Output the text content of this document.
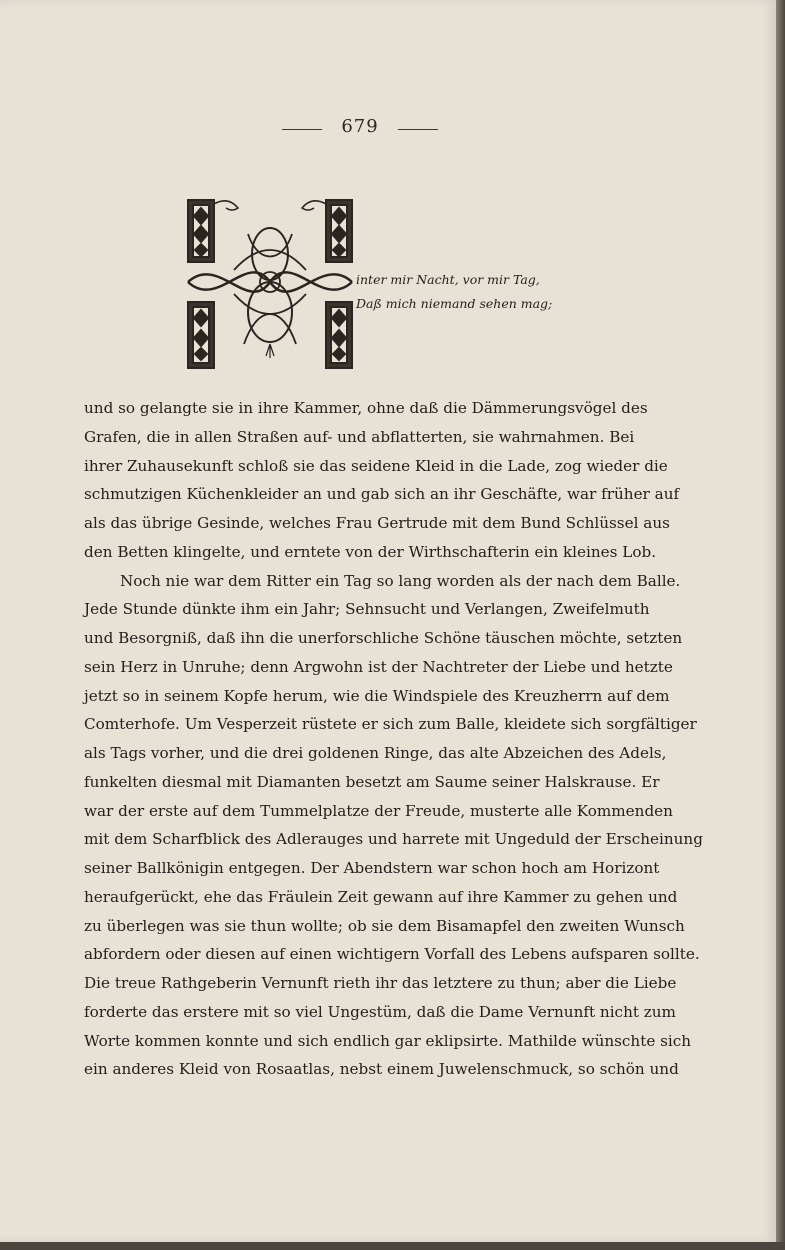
679
inter mir Nacht, vor mir Tag,
Daß mich niemand sehen mag;
und so gelangte sie in ihre Kammer, ohne daß die Dämmerungsvögel des
Grafen, die in allen Straßen auf- und abflatterten, sie wahrnahmen. Bei
ihrer Zuhausekunft schloß sie das seidene Kleid in die Lade, zog wieder die
schmutzigen Küchenkleider an und gab sich an ihr Geschäfte, war früher auf
als das übrige Gesinde, welches Frau Gertrude mit dem Bund Schlüssel aus
den Betten klingelte, und erntete von der Wirthschafterin ein kleines Lob.
Noch nie war dem Ritter ein Tag so lang worden als der nach dem Balle.
Jede Stunde dünkte ihm ein Jahr; Sehnsucht und Verlangen, Zweifelmuth
und Besorgniß, daß ihn die unerforschliche Schöne täuschen möchte, setzten
sein Herz in Unruhe; denn Argwohn ist der Nachtreter der Liebe und hetzte
jetzt so in seinem Kopfe herum, wie die Windspiele des Kreuzherrn auf dem
Comterhofe. Um Vesperzeit rüstete er sich zum Balle, kleidete sich sorgfältiger
als Tags vorher, und die drei goldenen Ringe, das alte Abzeichen des Adels,
funkelten diesmal mit Diamanten besetzt am Saume seiner Halskrause. Er
war der erste auf dem Tummelplatze der Freude, musterte alle Kommenden
mit dem Scharfblick des Adlerauges und harrete mit Ungeduld der Erscheinung
seiner Ballkönigin entgegen. Der Abendstern war schon hoch am Horizont
heraufgerückt, ehe das Fräulein Zeit gewann auf ihre Kammer zu gehen und
zu überlegen was sie thun wollte; ob sie dem Bisamapfel den zweiten Wunsch
abfordern oder diesen auf einen wichtigern Vorfall des Lebens aufsparen sollte.
Die treue Rathgeberin Vernunft rieth ihr das letztere zu thun; aber die Liebe
forderte das erstere mit so viel Ungestüm, daß die Dame Vernunft nicht zum
Worte kommen konnte und sich endlich gar eklipsirte. Mathilde wünschte sich
ein anderes Kleid von Rosaatlas, nebst einem Juwelenschmuck, so schön und
